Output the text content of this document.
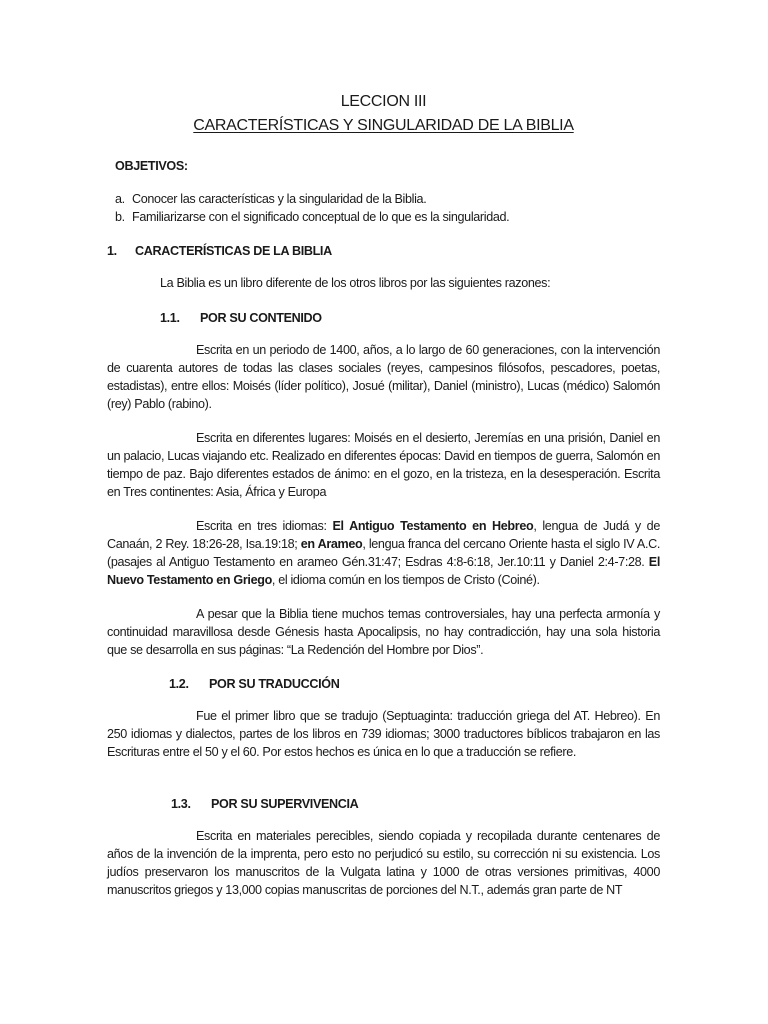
LECCION III

CARACTERÍSTICAS Y SINGULARIDAD DE LA BIBLIA

OBJETIVOS:
a. Conocer las características y la singularidad de la Biblia.
b. Familiarizarse con el significado conceptual de lo que es la singularidad.
1.	CARACTERÍSTICAS DE LA BIBLIA
La Biblia es un libro diferente de los otros libros por las siguientes razones:
1.1.	POR SU CONTENIDO

Escrita en un periodo de 1400, años, a lo largo de 60 generaciones, con la intervención de cuarenta autores de todas las clases sociales (reyes, campesinos filósofos, pescadores, poetas, estadistas), entre ellos: Moisés (líder político), Josué (militar), Daniel (ministro), Lucas (médico) Salomón (rey) Pablo (rabino).

Escrita en diferentes lugares: Moisés en el desierto, Jeremías en una prisión, Daniel en un palacio, Lucas viajando etc. Realizado en diferentes épocas: David en tiempos de guerra, Salomón en tiempo de paz. Bajo diferentes estados de ánimo: en el gozo, en la tristeza, en la desesperación. Escrita en Tres continentes: Asia, África y Europa

Escrita en tres idiomas: El Antiguo Testamento en Hebreo, lengua de Judá y de Canaán, 2 Rey. 18:26-28, Isa.19:18; en Arameo, lengua franca del cercano Oriente hasta el siglo IV A.C. (pasajes al Antiguo Testamento en arameo Gén.31:47; Esdras 4:8-6:18, Jer.10:11 y Daniel 2:4-7:28. El Nuevo Testamento en Griego, el idioma común en los tiempos de Cristo (Coiné).

A pesar que la Biblia tiene muchos temas controversiales, hay una perfecta armonía y continuidad maravillosa desde Génesis hasta Apocalipsis, no hay contradicción, hay una sola historia que se desarrolla en sus páginas: “La Redención del Hombre por Dios”.

1.2.	POR SU TRADUCCIÓN

Fue el primer libro que se tradujo (Septuaginta: traducción griega del AT. Hebreo). En 250 idiomas y dialectos, partes de los libros en 739 idiomas; 3000 traductores bíblicos trabajaron en las Escrituras entre el 50 y el 60. Por estos hechos es única en lo que a traducción se refiere.

1.3.	POR SU SUPERVIVENCIA

Escrita en materiales perecibles, siendo copiada y recopilada durante centenares de años de la invención de la imprenta, pero esto no perjudicó su estilo, su corrección ni su existencia. Los judíos preservaron los manuscritos de la Vulgata latina y 1000 de otras versiones primitivas, 4000 manuscritos griegos y 13,000 copias manuscritas de porciones del N.T., además gran parte de NT
